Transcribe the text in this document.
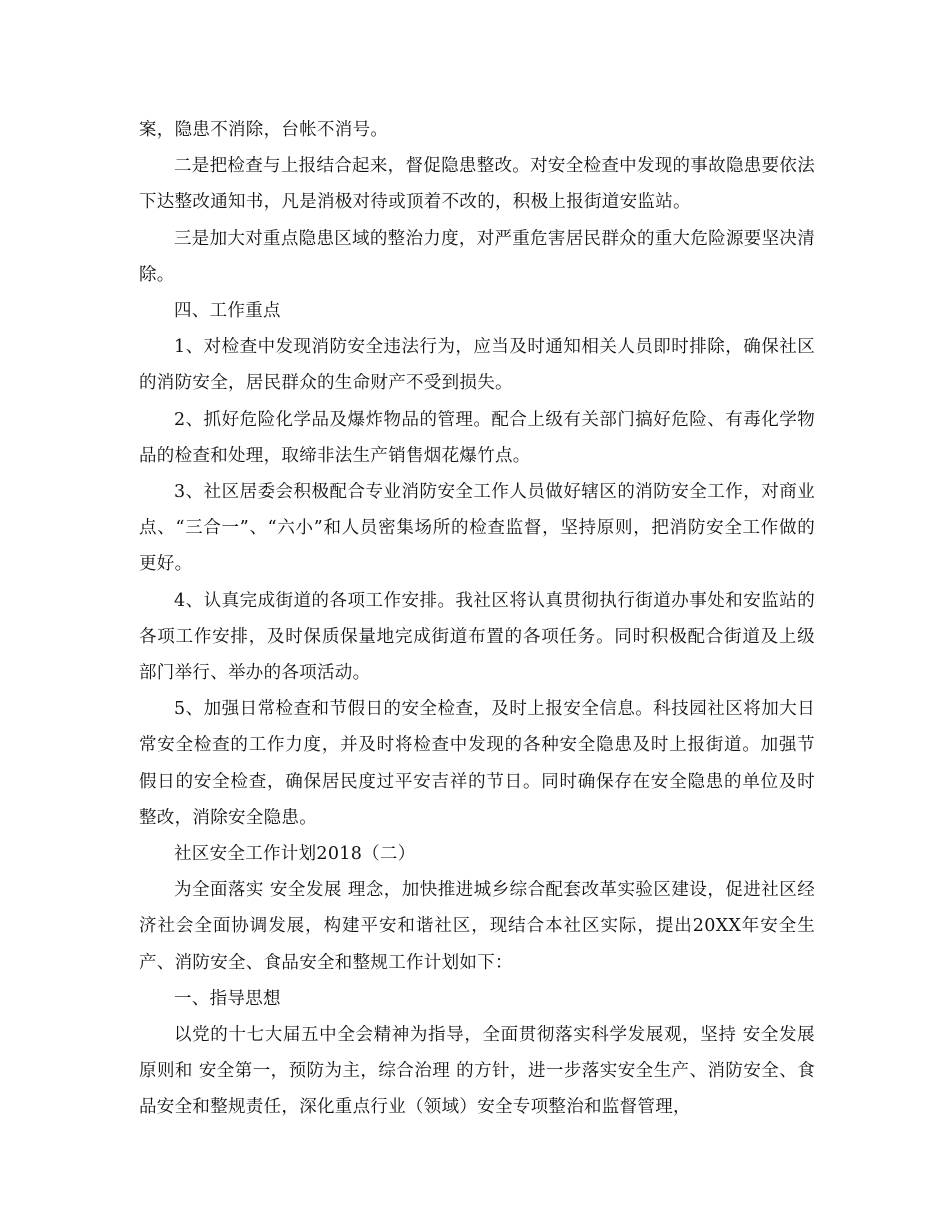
案，隐患不消除，台帐不消号。

二是把检查与上报结合起来，督促隐患整改。对安全检查中发现的事故隐患要依法下达整改通知书，凡是消极对待或顶着不改的，积极上报街道安监站。

三是加大对重点隐患区域的整治力度，对严重危害居民群众的重大危险源要坚决清除。

四、工作重点

1、对检查中发现消防安全违法行为，应当及时通知相关人员即时排除，确保社区的消防安全，居民群众的生命财产不受到损失。

2、抓好危险化学品及爆炸物品的管理。配合上级有关部门搞好危险、有毒化学物品的检查和处理，取缔非法生产销售烟花爆竹点。

3、社区居委会积极配合专业消防安全工作人员做好辖区的消防安全工作，对商业点、“三合一”、“六小”和人员密集场所的检查监督，坚持原则，把消防安全工作做的更好。

4、认真完成街道的各项工作安排。我社区将认真贯彻执行街道办事处和安监站的各项工作安排，及时保质保量地完成街道布置的各项任务。同时积极配合街道及上级部门举行、举办的各项活动。

5、加强日常检查和节假日的安全检查，及时上报安全信息。科技园社区将加大日常安全检查的工作力度，并及时将检查中发现的各种安全隐患及时上报街道。加强节假日的安全检查，确保居民度过平安吉祥的节日。同时确保存在安全隐患的单位及时整改，消除安全隐患。

社区安全工作计划2018（二）

为全面落实 安全发展 理念，加快推进城乡综合配套改革实验区建设，促进社区经济社会全面协调发展，构建平安和谐社区，现结合本社区实际，提出20XX年安全生产、消防安全、食品安全和整规工作计划如下：

一、指导思想

以党的十七大届五中全会精神为指导，全面贯彻落实科学发展观，坚持 安全发展 原则和 安全第一，预防为主，综合治理 的方针，进一步落实安全生产、消防安全、食品安全和整规责任，深化重点行业（领域）安全专项整治和监督管理，
